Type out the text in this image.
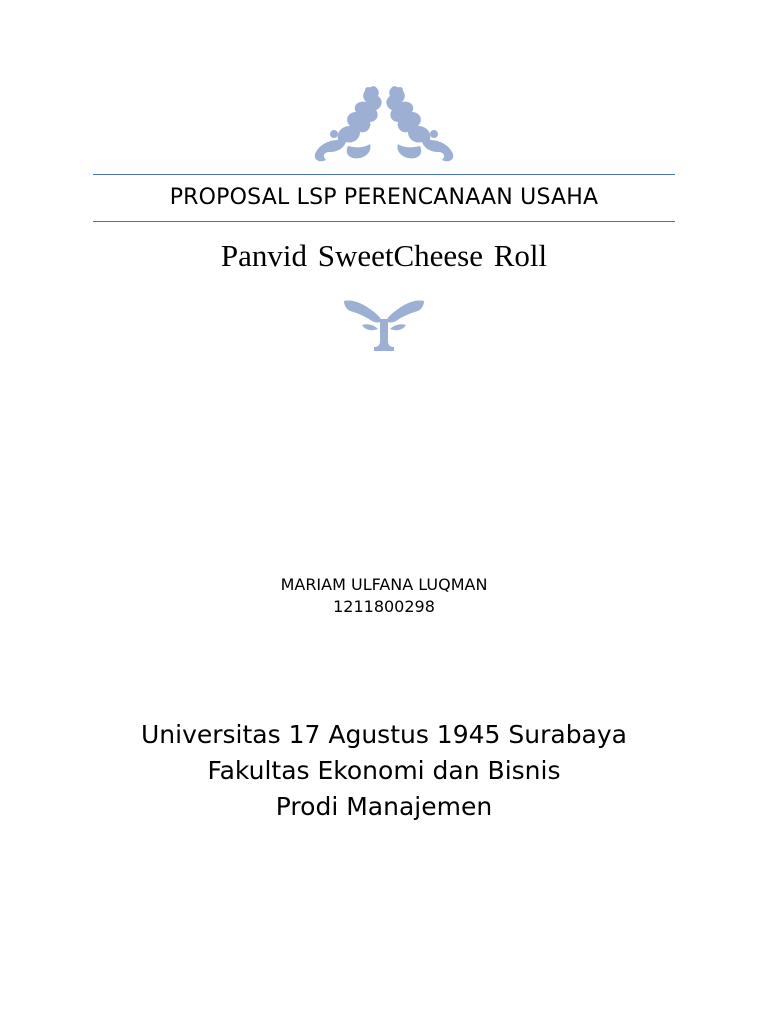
PROPOSAL LSP PERENCANAAN USAHA
Panvid SweetCheese Roll
MARIAM ULFANA LUQMAN
1211800298
Universitas 17 Agustus 1945 Surabaya
Fakultas Ekonomi dan Bisnis
Prodi Manajemen
